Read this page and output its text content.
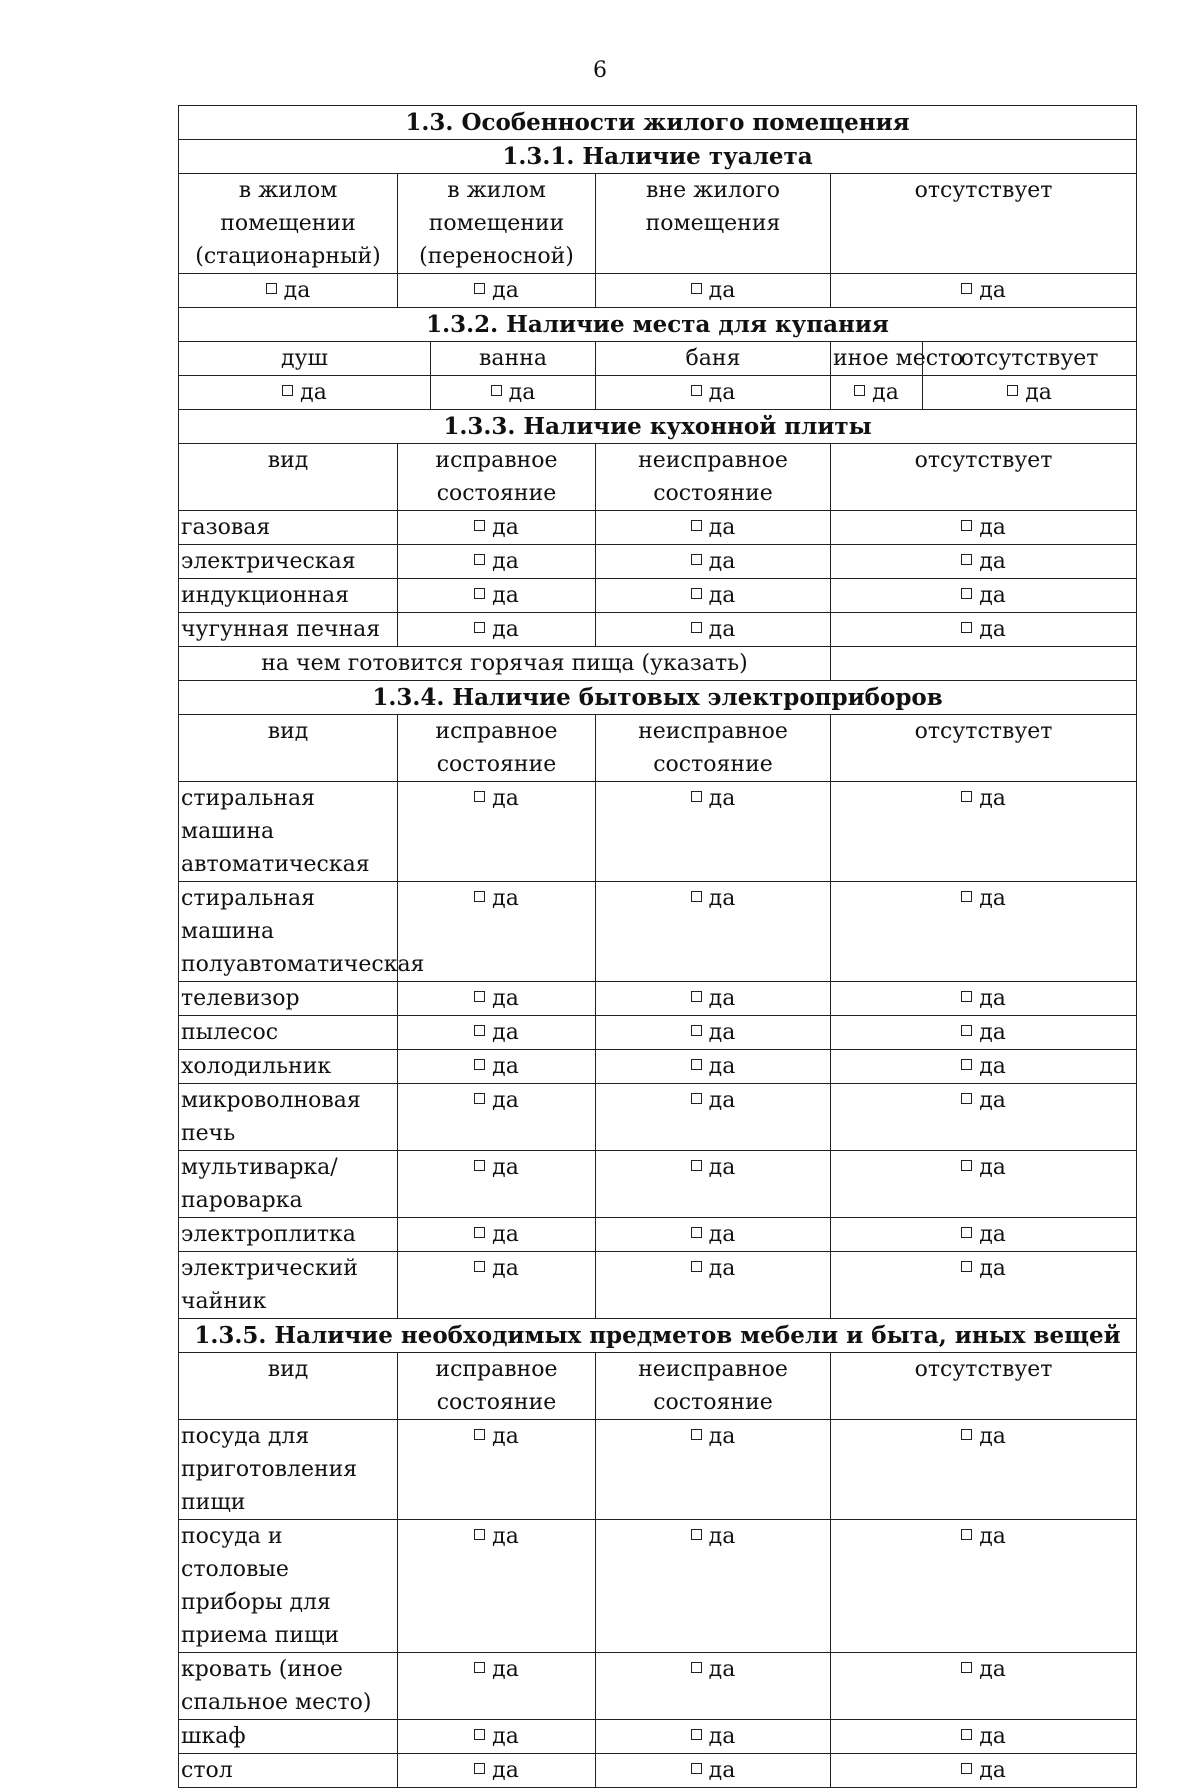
6
1.3. Особенности жилого помещения					
1.3.1. Наличие туалета					
в жилом помещении (стационарный)	в жилом помещении (переносной)		вне жилого помещения	отсутствует	
да	да		да	да	
1.3.2. Наличие места для купания					
душ		ванна	баня	иное место	отсутствует
да		да	да	да	да
1.3.3. Наличие кухонной плиты					
вид	исправное состояние		неисправное состояние	отсутствует	
газовая	да		да	да	
электрическая	да		да	да	
индукционная	да		да	да	
чугунная печная	да		да	да	
на чем готовится горячая пища (указать)					
1.3.4. Наличие бытовых электроприборов					
вид	исправное состояние		неисправное состояние	отсутствует	
стиральная машина автоматическая	да		да	да	
стиральная машина полуавтоматическая	да		да	да	
телевизор	да		да	да	
пылесос	да		да	да	
холодильник	да		да	да	
микроволновая печь	да		да	да	
мультиварка/ пароварка	да		да	да	
электроплитка	да		да	да	
электрический чайник	да		да	да	
1.3.5. Наличие необходимых предметов мебели и быта, иных вещей					
вид	исправное состояние		неисправное состояние	отсутствует	
посуда для приготовления пищи	да		да	да	
посуда и столовые приборы для приема пищи	да		да	да	
кровать (иное спальное место)	да		да	да	
шкаф	да		да	да	
стол	да		да	да	
